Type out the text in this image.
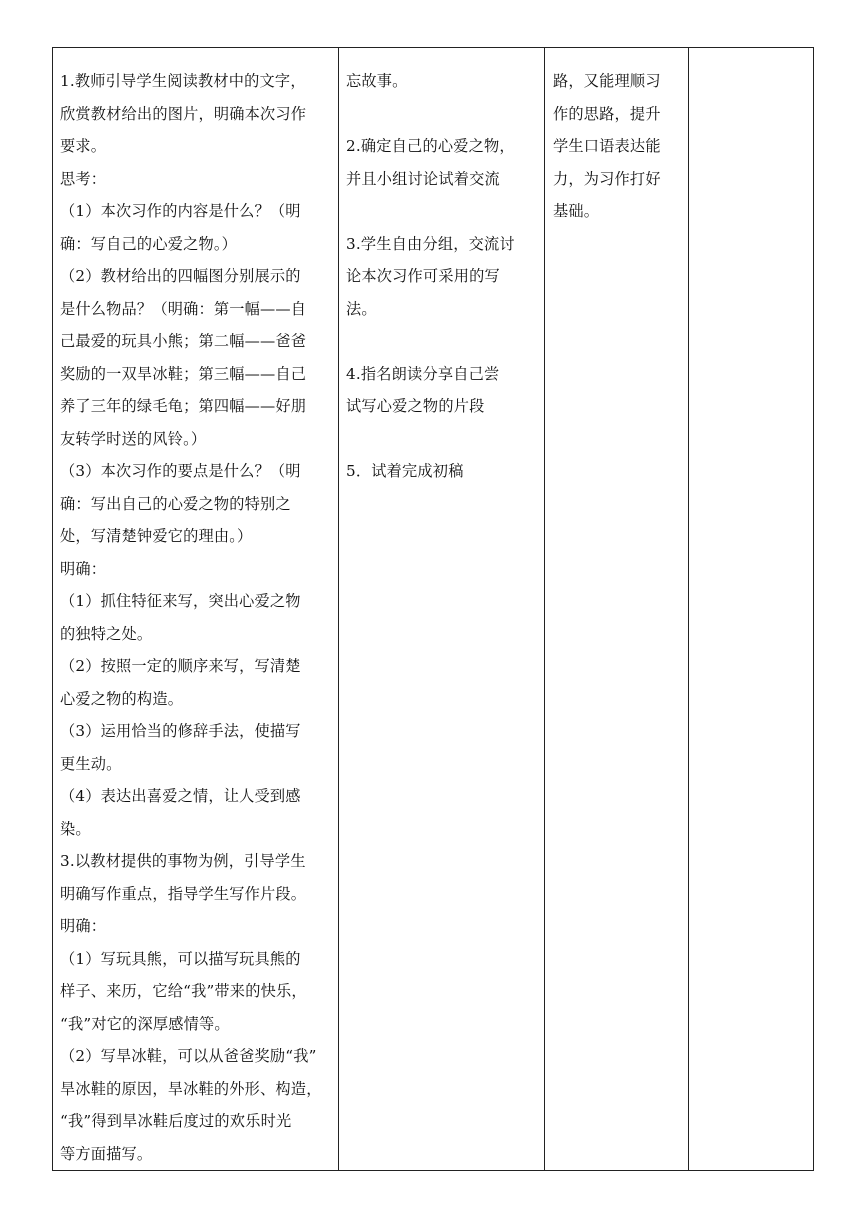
1.教师引导学生阅读教材中的文字，
欣赏教材给出的图片，明确本次习作
要求。
思考：
（1）本次习作的内容是什么？（明
确：写自己的心爱之物。）
（2）教材给出的四幅图分别展示的
是什么物品？（明确：第一幅——自
己最爱的玩具小熊；第二幅——爸爸
奖励的一双旱冰鞋；第三幅——自己
养了三年的绿毛龟；第四幅——好朋
友转学时送的风铃。）
（3）本次习作的要点是什么？（明
确：写出自己的心爱之物的特别之
处，写清楚钟爱它的理由。）
明确：
（1）抓住特征来写，突出心爱之物
的独特之处。
（2）按照一定的顺序来写，写清楚
心爱之物的构造。
（3）运用恰当的修辞手法，使描写
更生动。
（4）表达出喜爱之情，让人受到感
染。
3.以教材提供的事物为例，引导学生
明确写作重点，指导学生写作片段。
明确：
（1）写玩具熊，可以描写玩具熊的
样子、来历，它给“我”带来的快乐，
“我”对它的深厚感情等。
（2）写旱冰鞋，可以从爸爸奖励“我”
旱冰鞋的原因，旱冰鞋的外形、构造，
“我”得到旱冰鞋后度过的欢乐时光
等方面描写。

忘故事。
2.确定自己的心爱之物，
并且小组讨论试着交流
3.学生自由分组，交流讨
论本次习作可采用的写
法。
4.指名朗读分享自己尝
试写心爱之物的片段
5．试着完成初稿

路，又能理顺习
作的思路，提升
学生口语表达能
力，为习作打好
基础。
